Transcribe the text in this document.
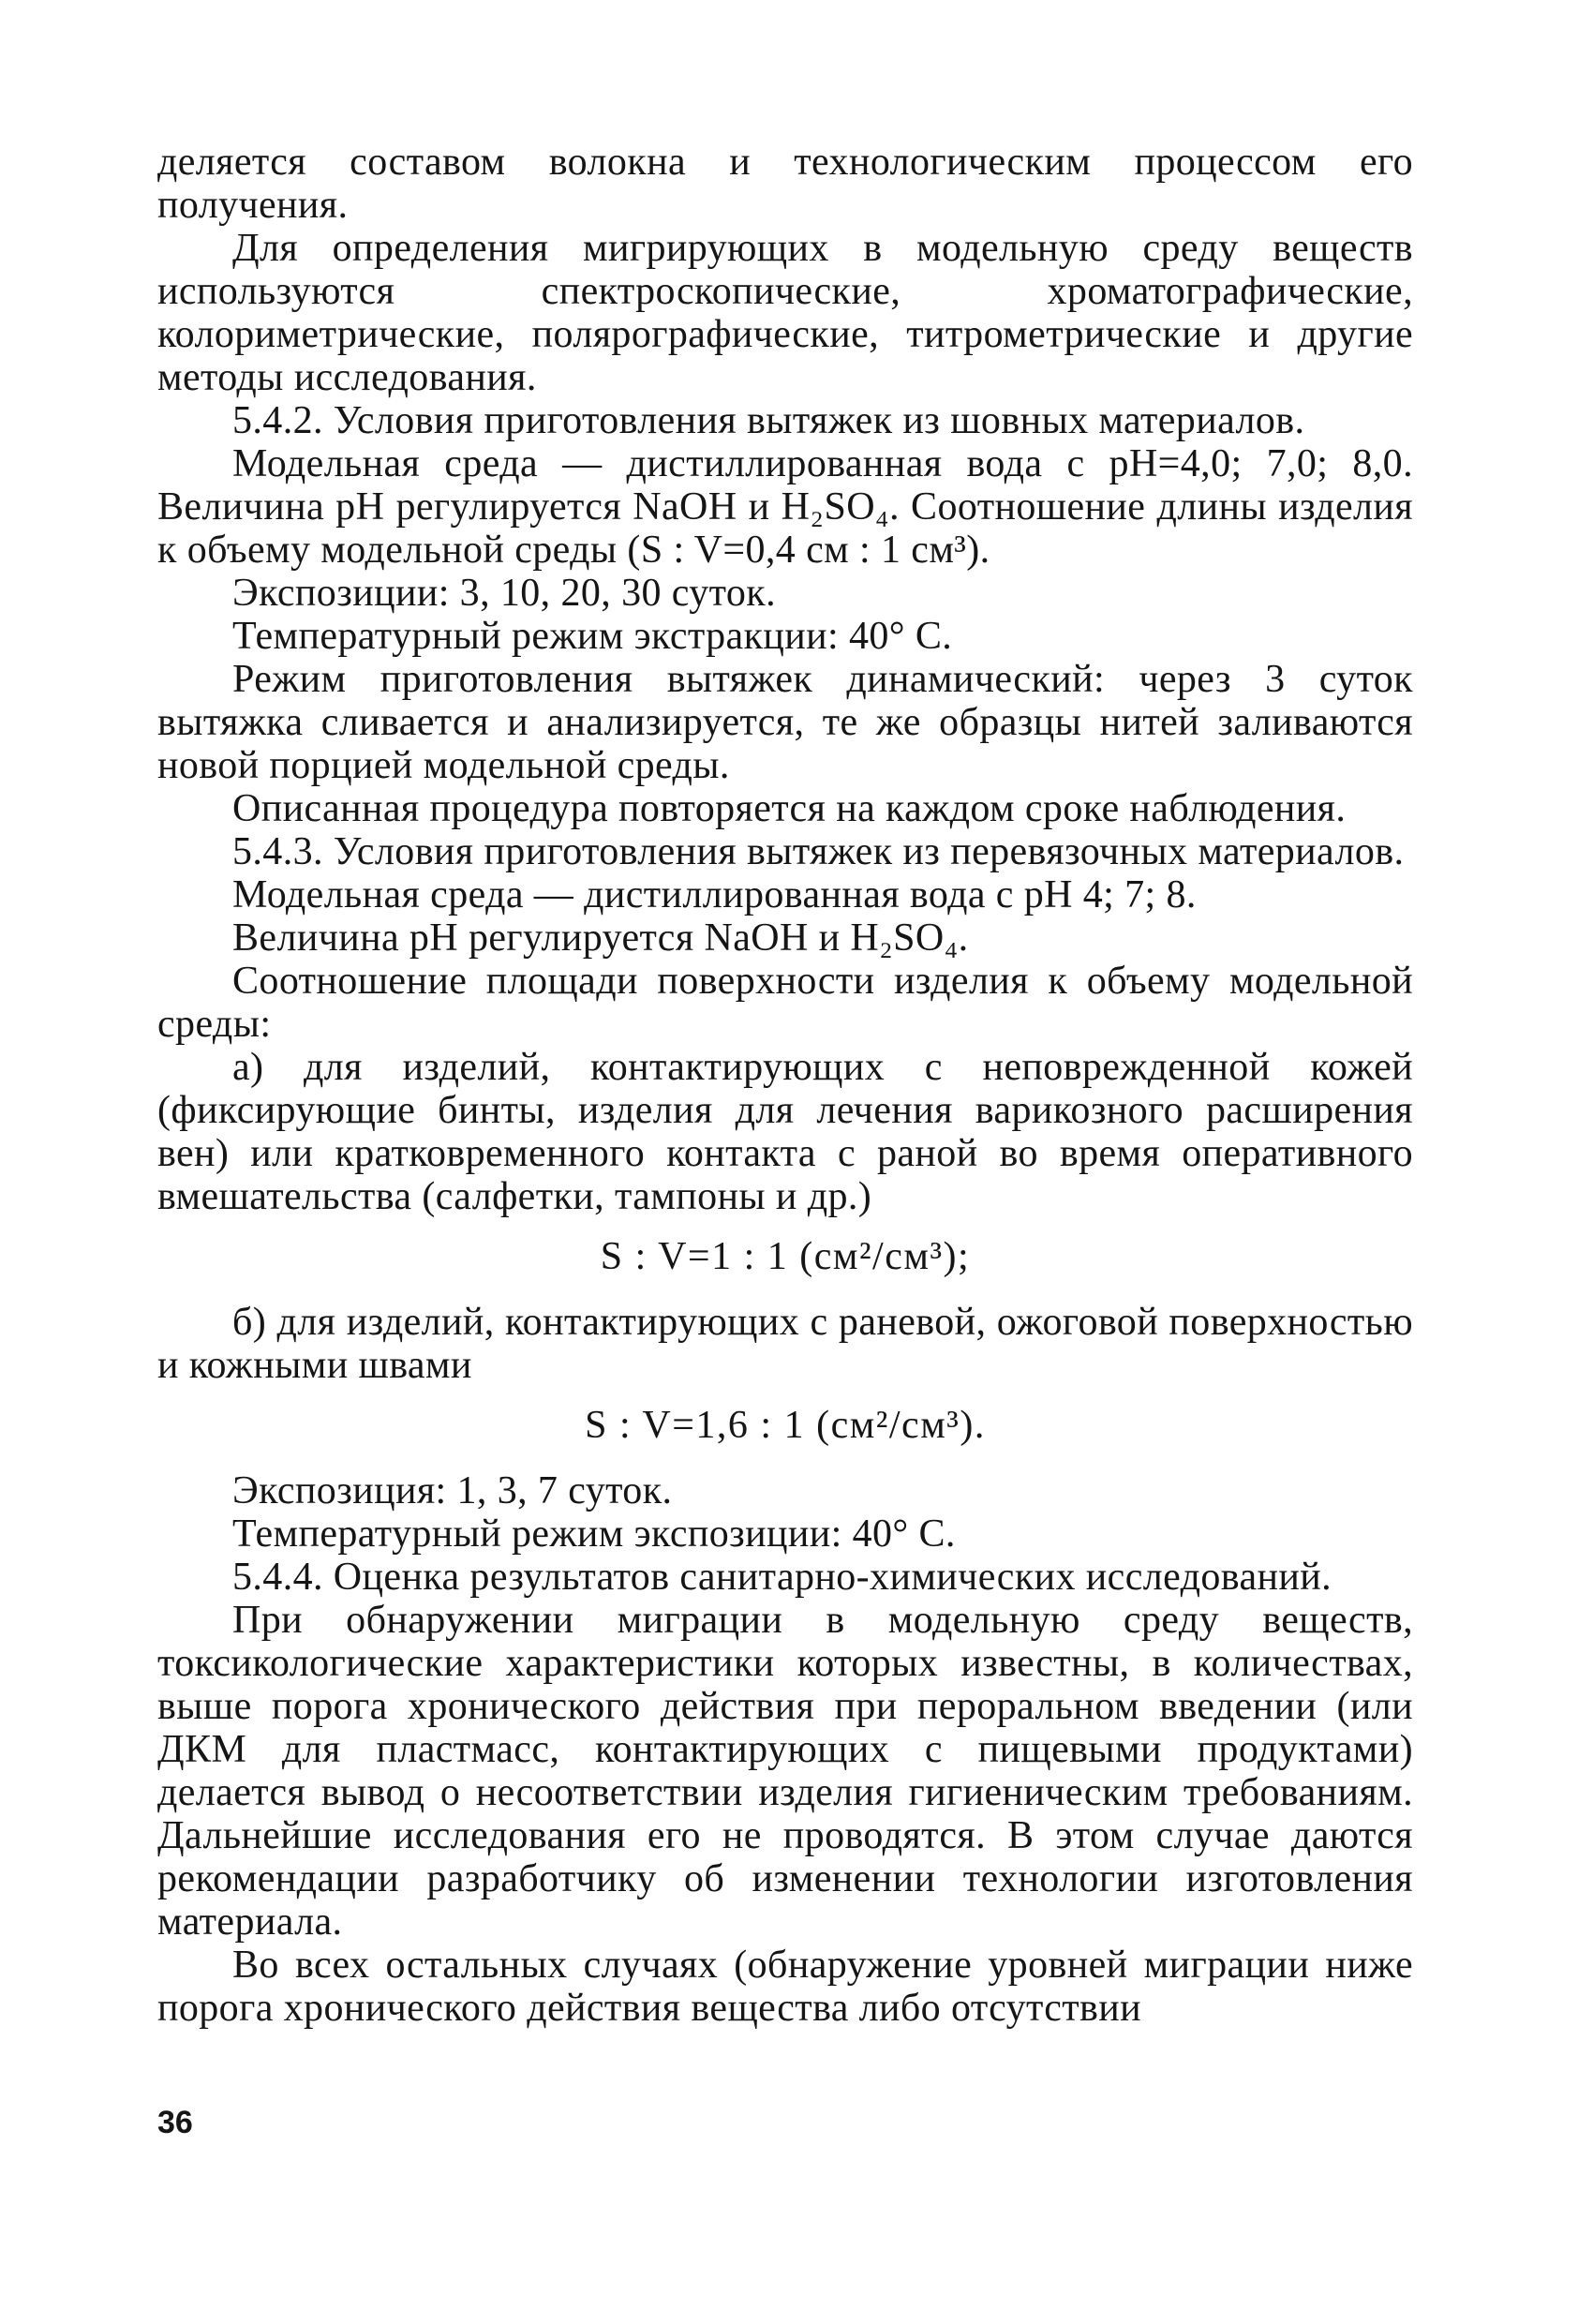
деляется составом волокна и технологическим процессом его получения.

Для определения мигрирующих в модельную среду веществ используются спектроскопические, хроматографические, колориметрические, полярографические, титрометрические и другие методы исследования.

5.4.2. Условия приготовления вытяжек из шовных материалов.

Модельная среда — дистиллированная вода с pH=4,0; 7,0; 8,0. Величина pH регулируется NaOH и H₂SO₄. Соотношение длины изделия к объему модельной среды (S : V=0,4 см : 1 см³).

Экспозиции: 3, 10, 20, 30 суток.

Температурный режим экстракции: 40° С.

Режим приготовления вытяжек динамический: через 3 суток вытяжка сливается и анализируется, те же образцы нитей заливаются новой порцией модельной среды.

Описанная процедура повторяется на каждом сроке наблюдения.

5.4.3. Условия приготовления вытяжек из перевязочных материалов.

Модельная среда — дистиллированная вода с pH 4; 7; 8.

Величина pH регулируется NaOH и H₂SO₄.

Соотношение площади поверхности изделия к объему модельной среды:

а) для изделий, контактирующих с неповрежденной кожей (фиксирующие бинты, изделия для лечения варикозного расширения вен) или кратковременного контакта с раной во время оперативного вмешательства (салфетки, тампоны и др.)

S : V=1 : 1 (см²/см³);

б) для изделий, контактирующих с раневой, ожоговой поверхностью и кожными швами

S : V=1,6 : 1 (см²/см³).

Экспозиция: 1, 3, 7 суток.

Температурный режим экспозиции: 40° С.

5.4.4. Оценка результатов санитарно-химических исследований.

При обнаружении миграции в модельную среду веществ, токсикологические характеристики которых известны, в количествах, выше порога хронического действия при пероральном введении (или ДКМ для пластмасс, контактирующих с пищевыми продуктами) делается вывод о несоответствии изделия гигиеническим требованиям. Дальнейшие исследования его не проводятся. В этом случае даются рекомендации разработчику об изменении технологии изготовления материала.

Во всех остальных случаях (обнаружение уровней миграции ниже порога хронического действия вещества либо отсутствии

36
